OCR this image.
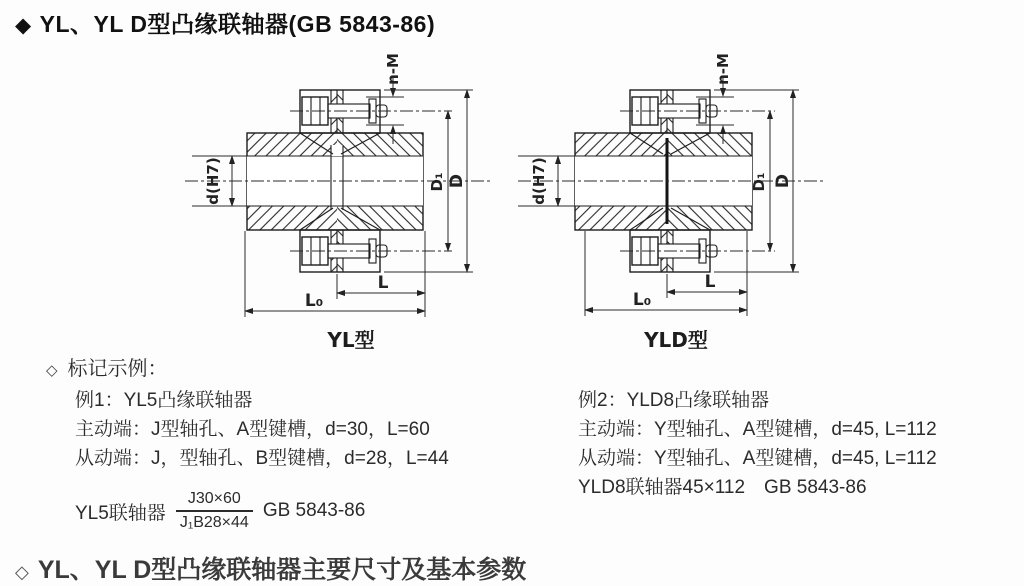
◆ YL、YL D型凸缘联轴器(GB 5843-86)
d(H7)
n-M
D
D₁
L
L₀
YL型
d(H7)
n-M
D
D₁
L
L₀
YLD型
◇ 标记示例：
例1：YL5凸缘联轴器
主动端：J型轴孔、A型键槽，d=30，L=60
从动端：J，型轴孔、B型键槽，d=28，L=44
YL5联轴器 $\frac{J30\times 60}{\text{J₁B28×44}}$ GB 5843-86
例2：YLD8凸缘联轴器
主动端：Y型轴孔、A型键槽，d=45, L=112
从动端：Y型轴孔、A型键槽，d=45, L=112
YLD8联轴器45×112　GB 5843-86
◇ YL、YL D型凸缘联轴器主要尺寸及基本参数
